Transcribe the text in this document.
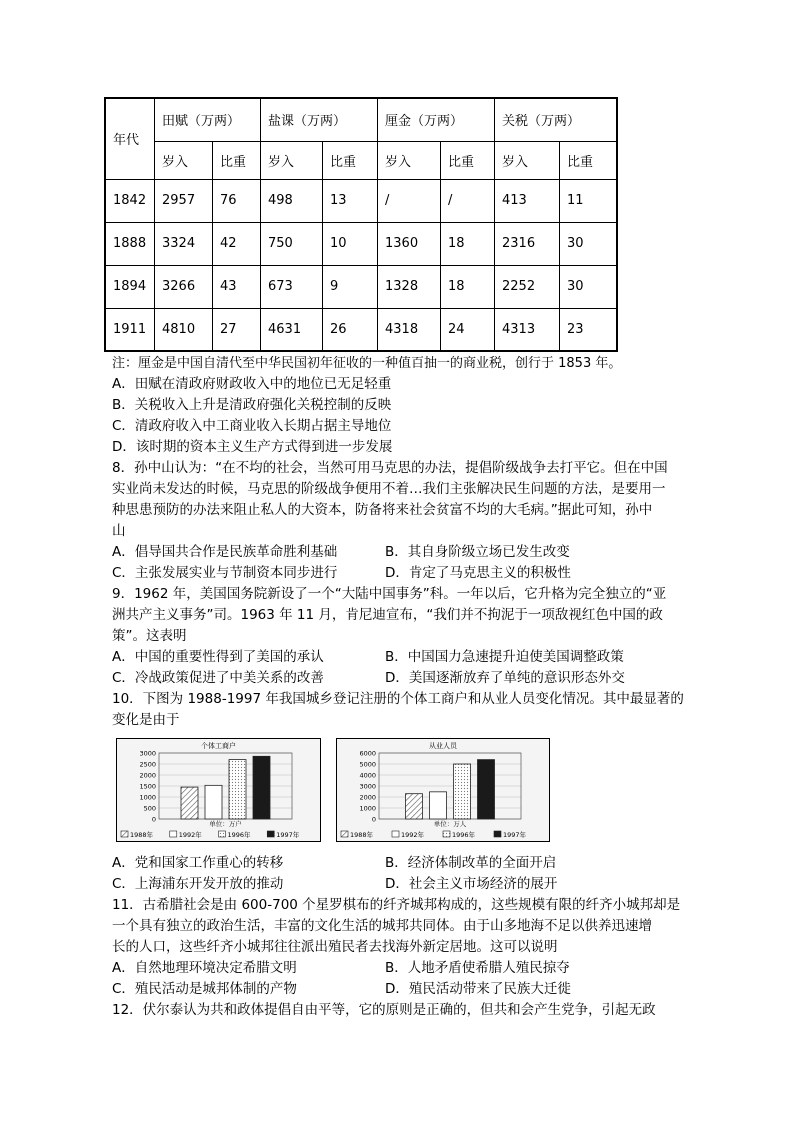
年代	田赋（万两）		盐课（万两）		厘金（万两）		关税（万两）	
	岁入	比重	岁入	比重	岁入	比重	岁入	比重
1842	2957	76	498	13	/	/	413	11
1888	3324	42	750	10	1360	18	2316	30
1894	3266	43	673	9	1328	18	2252	30
1911	4810	27	4631	26	4318	24	4313	23
注：厘金是中国自清代至中华民国初年征收的一种值百抽一的商业税，创行于 1853 年。
A．田赋在清政府财政收入中的地位已无足轻重
B．关税收入上升是清政府强化关税控制的反映
C．清政府收入中工商业收入长期占据主导地位
D．该时期的资本主义生产方式得到进一步发展
8．孙中山认为：“在不均的社会，当然可用马克思的办法，提倡阶级战争去打平它。但在中国
实业尚未发达的时候，马克思的阶级战争便用不着…我们主张解决民生问题的方法，是要用一
种思患预防的办法来阻止私人的大资本，防备将来社会贫富不均的大毛病。”据此可知，孙中
山
A．倡导国共合作是民族革命胜利基础	B．其自身阶级立场已发生改变
C．主张发展实业与节制资本同步进行	D．肯定了马克思主义的积极性
9．1962 年，美国国务院新设了一个“大陆中国事务”科。一年以后，它升格为完全独立的“亚
洲共产主义事务”司。1963 年 11 月，肯尼迪宣布，“我们并不拘泥于一项敌视红色中国的政
策”。这表明
A．中国的重要性得到了美国的承认	B．中国国力急速提升迫使美国调整政策
C．冷战政策促进了中美关系的改善	D．美国逐渐放弃了单纯的意识形态外交
10．下图为 1988-1997 年我国城乡登记注册的个体工商户和从业人员变化情况。其中最显著的
变化是由于
个体工商户
0
500
1000
1500
2000
2500
3000
单位：万户
1988年	1992年	1996年	1997年
从业人员
0
1000
2000
3000
4000
5000
6000
单位：万人
1988年	1992年	1996年	1997年
A．党和国家工作重心的转移	B．经济体制改革的全面开启
C．上海浦东开发开放的推动	D．社会主义市场经济的展开
11．古希腊社会是由 600-700 个星罗棋布的纤齐城邦构成的，这些规模有限的纤齐小城邦却是
一个具有独立的政治生活，丰富的文化生活的城邦共同体。由于山多地海不足以供养迅速增
长的人口，这些纤齐小城邦往往派出殖民者去找海外新定居地。这可以说明
A．自然地理环境决定希腊文明	B．人地矛盾使希腊人殖民掠夺
C．殖民活动是城邦体制的产物	D．殖民活动带来了民族大迁徙
12．伏尔泰认为共和政体提倡自由平等，它的原则是正确的，但共和会产生党争，引起无政
